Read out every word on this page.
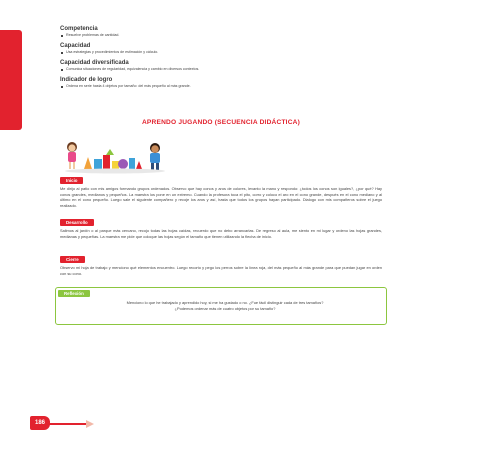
Competencia
Resuelve problemas de cantidad.
Capacidad
Usa estrategias y procedimientos de estimación y cálculo.
Capacidad diversificada
Comunica situaciones de regularidad, equivalencia y cambio en diversos contextos.
Indicador de logro
Ordena en serie hasta 4 objetos por tamaño: del más pequeño al más grande.
APRENDO JUGANDO (SECUENCIA DIDÁCTICA)
Inicio
Me dirijo al patio con mis amigos formando grupos ordenados. Observo que hay conos y aros de colores, levanto la mano y respondo: ¿todos los conos son iguales?, ¿por qué? Hay conos grandes, medianos y pequeños. La maestra los pone en un extremo. Cuando la profesora toca el pito, corro y coloco el aro en el cono grande, después en el cono mediano y al último en el cono pequeño. Luego sale el siguiente compañero y recoje los aros y así, hasta que todos los grupos hayan participado. Dialogo con mis compañeros sobre el juego realizado.
Desarrollo
Salimos al jardín o al parque más cercano, recojo todas las hojas caídas, recuerdo que no debo arrancarlas. De regreso al aula, me siento en mi lugar y ordeno las hojas grandes, medianas y pequeñas. La maestra me pide que coloque las hojas según el tamaño que tienen utilizando la flecha de inicio.
Cierre
Observo mi hoja de trabajo y menciono qué elementos encuentro. Luego recorto y pego los perros sobre la línea roja, del más pequeño al más grande para que puedan jugar en orden con su cono.
Reflexión
Menciono lo que he trabajado y aprendido hoy, si me ha gustado o no. ¿Fue fácil distinguir cada de tres tamaños?
¿Podemos ordenar más de cuatro objetos por su tamaño?
186
